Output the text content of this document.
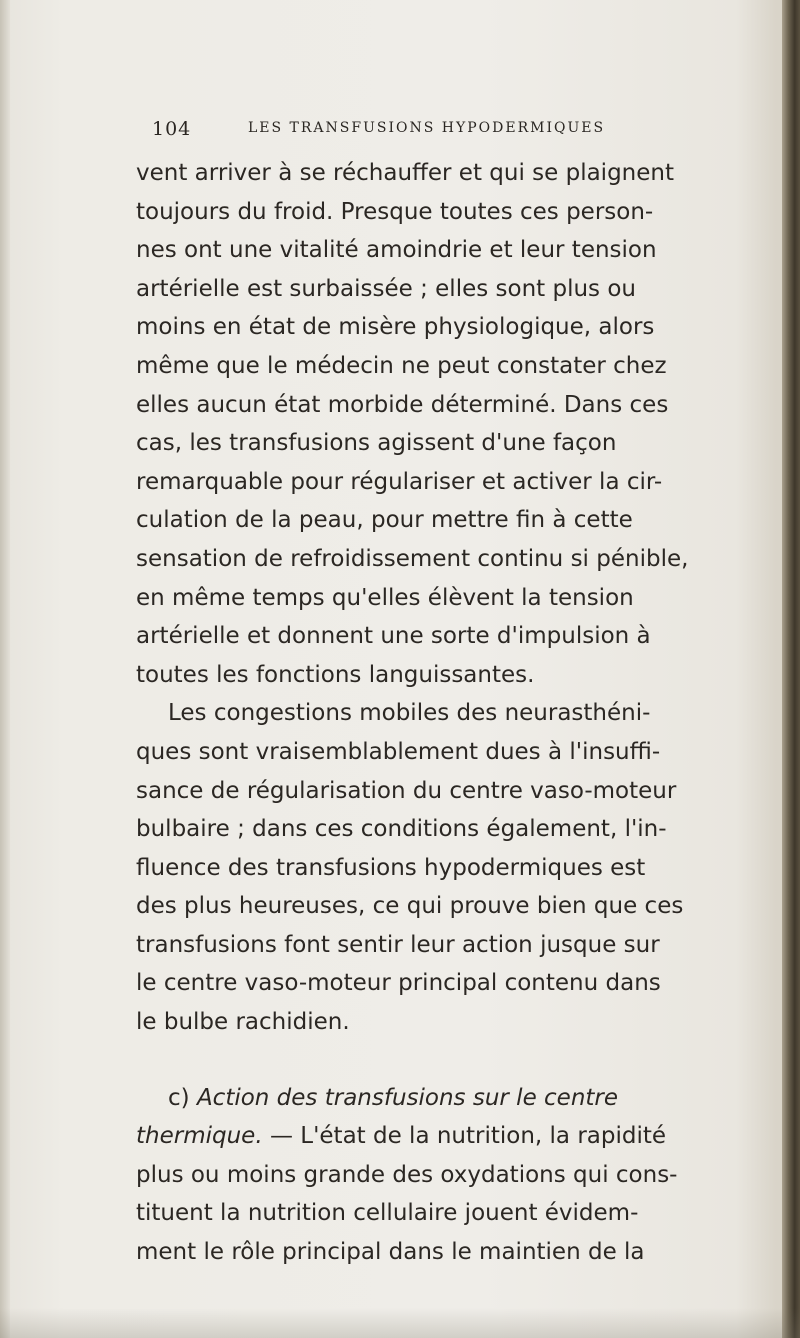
104	LES TRANSFUSIONS HYPODERMIQUES
vent arriver à se réchauffer et qui se plaignent
toujours du froid. Presque toutes ces person-
nes ont une vitalité amoindrie et leur tension
artérielle est surbaissée ; elles sont plus ou
moins en état de misère physiologique, alors
même que le médecin ne peut constater chez
elles aucun état morbide déterminé. Dans ces
cas, les transfusions agissent d'une façon
remarquable pour régulariser et activer la cir-
culation de la peau, pour mettre fin à cette
sensation de refroidissement continu si pénible,
en même temps qu'elles élèvent la tension
artérielle et donnent une sorte d'impulsion à
toutes les fonctions languissantes.
Les congestions mobiles des neurasthéni-
ques sont vraisemblablement dues à l'insuffi-
sance de régularisation du centre vaso-moteur
bulbaire ; dans ces conditions également, l'in-
fluence des transfusions hypodermiques est
des plus heureuses, ce qui prouve bien que ces
transfusions font sentir leur action jusque sur
le centre vaso-moteur principal contenu dans
le bulbe rachidien.
c) Action des transfusions sur le centre
thermique. — L'état de la nutrition, la rapidité
plus ou moins grande des oxydations qui cons-
tituent la nutrition cellulaire jouent évidem-
ment le rôle principal dans le maintien de la
